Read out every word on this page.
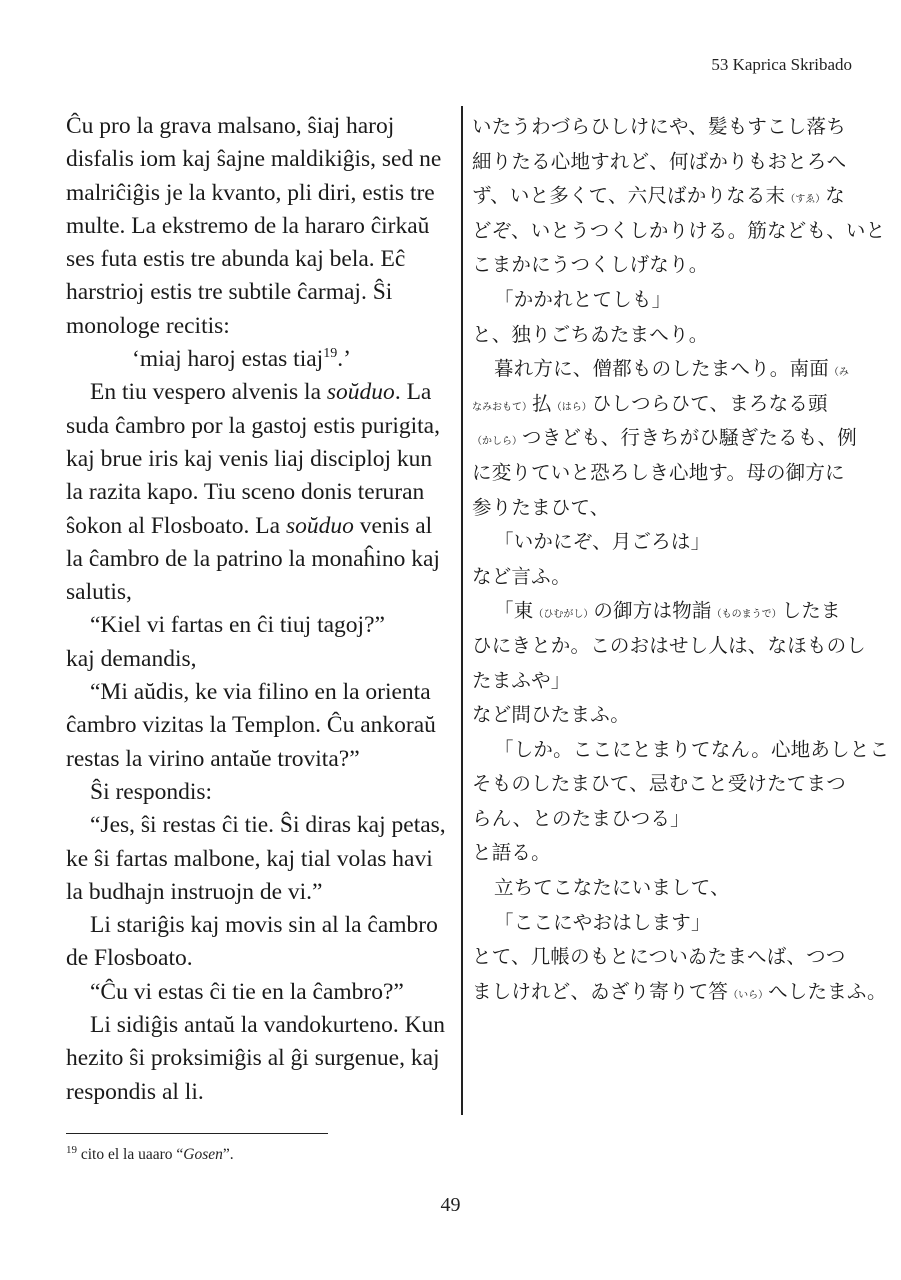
53 Kaprica Skribado
Ĉu pro la grava malsano, ŝiaj haroj
disfalis iom kaj ŝajne maldikiĝis, sed ne
malriĉiĝis je la kvanto, pli diri, estis tre
multe. La ekstremo de la hararo ĉirkaŭ
ses futa estis tre abunda kaj bela. Eĉ
harstrioj estis tre subtile ĉarmaj. Ŝi
monologe recitis:
‘miaj haroj estas tiaj$^{19}$.’
En tiu vespero alvenis la soŭduo. La
suda ĉambro por la gastoj estis purigita,
kaj brue iris kaj venis liaj disciploj kun
la razita kapo. Tiu sceno donis teruran
ŝokon al Flosboato. La soŭduo venis al
la ĉambro de la patrino la monaĥino kaj
salutis,
“Kiel vi fartas en ĉi tiuj tagoj?”
kaj demandis,
“Mi aŭdis, ke via filino en la orienta
ĉambro vizitas la Templon. Ĉu ankoraŭ
restas la virino antaŭe trovita?”
Ŝi respondis:
“Jes, ŝi restas ĉi tie. Ŝi diras kaj petas,
ke ŝi fartas malbone, kaj tial volas havi
la budhajn instruojn de vi.”
Li stariĝis kaj movis sin al la ĉambro
de Flosboato.
“Ĉu vi estas ĉi tie en la ĉambro?”
Li sidiĝis antaŭ la vandokurteno. Kun
hezito ŝi proksimiĝis al ĝi surgenue, kaj
respondis al li.
いたうわづらひしけにや、髪もすこし落ち
細りたる心地すれど、何ばかりもおとろへ
ず、いと多くて、六尺ばかりなる末（すゑ）な
どぞ、いとうつくしかりける。筋なども、いと
こまかにうつくしげなり。
「かかれとてしも」
と、独りごちゐたまへり。
暮れ方に、僧都ものしたまへり。南面（み
なみおもて）払（はら）ひしつらひて、まろなる頭
（かしら）つきども、行きちがひ騒ぎたるも、例
に変りていと恐ろしき心地す。母の御方に
参りたまひて、
「いかにぞ、月ごろは」
など言ふ。
「東（ひむがし）の御方は物詣（ものまうで）したま
ひにきとか。このおはせし人は、なほものし
たまふや」
など問ひたまふ。
「しか。ここにとまりてなん。心地あしとこ
そものしたまひて、忌むこと受けたてまつ
らん、とのたまひつる」
と語る。
立ちてこなたにいまして、
「ここにやおはします」
とて、几帳のもとについゐたまへば、つつ
ましけれど、ゐざり寄りて答（いら）へしたまふ。
$^{19}$ cito el la uaaro “Gosen”.
49
